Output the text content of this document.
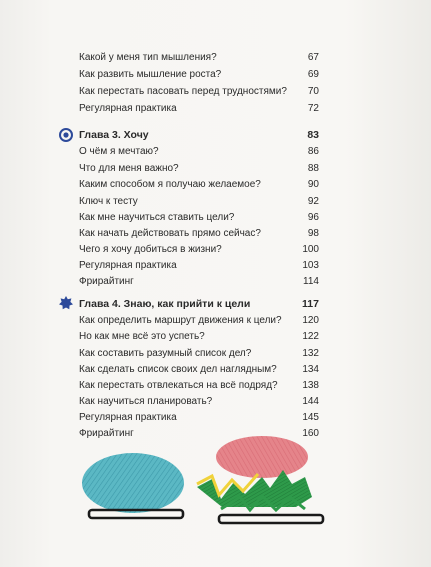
Какой у меня тип мышления?	67
Как развить мышление роста?	69
Как перестать пасовать перед трудностями?	70
Регулярная практика	72
Глава 3. Хочу	83
О чём я мечтаю?	86
Что для меня важно?	88
Каким способом я получаю желаемое?	90
Ключ к тесту	92
Как мне научиться ставить цели?	96
Как начать действовать прямо сейчас?	98
Чего я хочу добиться в жизни?	100
Регулярная практика	103
Фрирайтинг	114
Глава 4. Знаю, как прийти к цели	117
Как определить маршрут движения к цели?	120
Но как мне всё это успеть?	122
Как составить разумный список дел?	132
Как сделать список своих дел наглядным?	134
Как перестать отвлекаться на всё подряд?	138
Как научиться планировать?	144
Регулярная практика	145
Фрирайтинг	160
